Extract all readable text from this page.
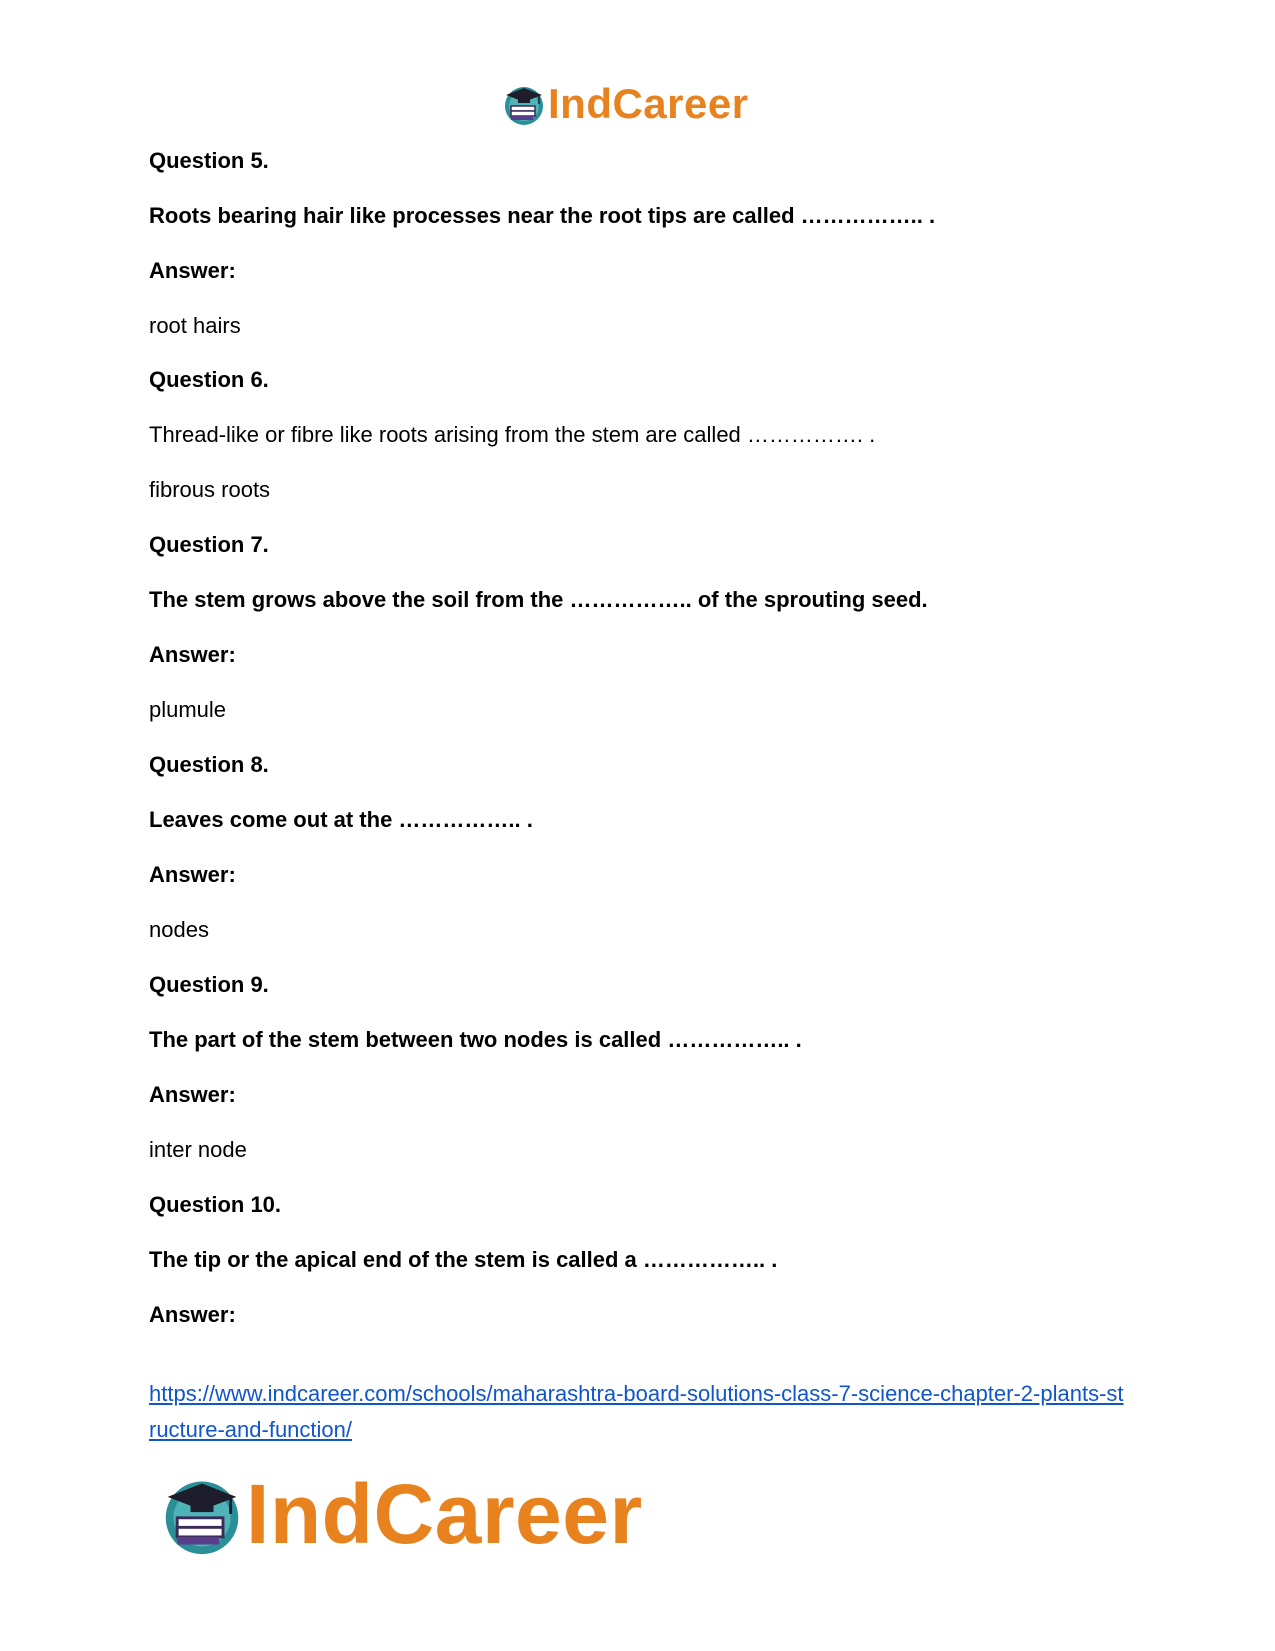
IndCareer
Question 5.
Roots bearing hair like processes near the root tips are called …………….. .
Answer:
root hairs
Question 6.
Thread-like or fibre like roots arising from the stem are called ……………. .
fibrous roots
Question 7.
The stem grows above the soil from the …………….. of the sprouting seed.
Answer:
plumule
Question 8.
Leaves come out at the …………….. .
Answer:
nodes
Question 9.
The part of the stem between two nodes is called …………….. .
Answer:
inter node
Question 10.
The tip or the apical end of the stem is called a …………….. .
Answer:
https://www.indcareer.com/schools/maharashtra-board-solutions-class-7-science-chapter-2-plants-structure-and-function/
IndCareer
